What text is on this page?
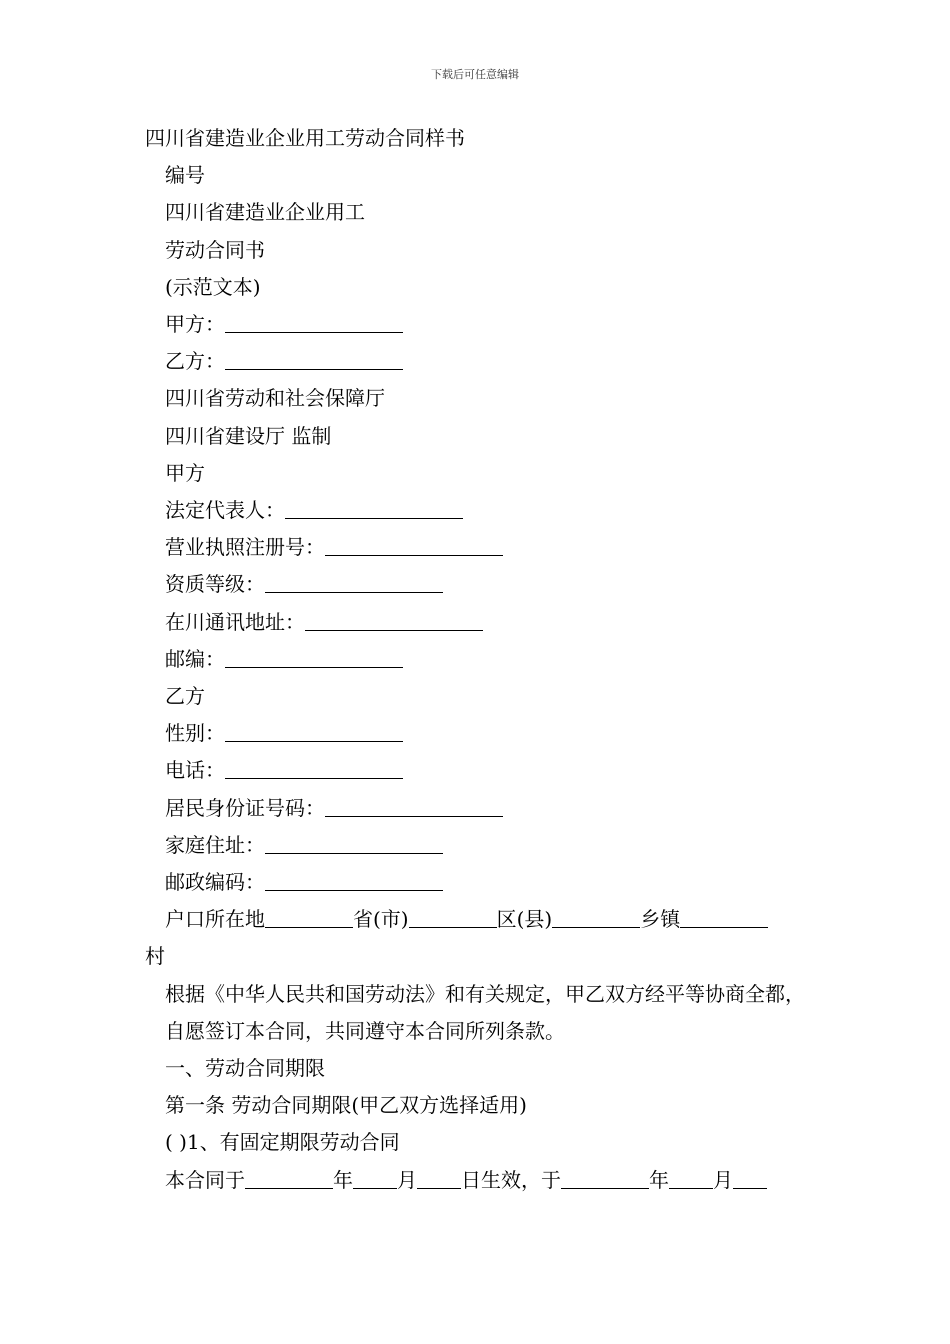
下载后可任意编辑
四川省建造业企业用工劳动合同样书
编号
四川省建造业企业用工
劳动合同书
(示范文本)
甲方：
乙方：
四川省劳动和社会保障厅
四川省建设厅 监制
甲方
法定代表人：
营业执照注册号：
资质等级：
在川通讯地址：
邮编：
乙方
性别：
电话：
居民身份证号码：
家庭住址：
邮政编码：
户口所在地	省(市)	区(县)	乡镇
村
根据《中华人民共和国劳动法》和有关规定，甲乙双方经平等协商全都，自愿签订本合同，共同遵守本合同所列条款。
一、劳动合同期限
第一条 劳动合同期限(甲乙双方选择适用)
( )1、有固定期限劳动合同
本合同于	年 月 日生效，于	年 月
